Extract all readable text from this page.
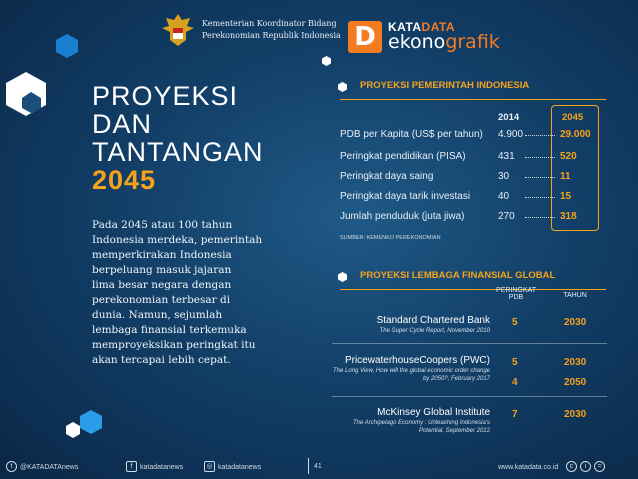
Kementerian Koordinator Bidang
Perekonomian Republik Indonesia D	KATADATA
ekonografik
PROYEKSI
DAN
TANTANGAN
2045
Pada 2045 atau 100 tahun
Indonesia merdeka, pemerintah
memperkirakan Indonesia
berpeluang masuk jajaran
lima besar negara dengan
perekonomian terbesar di
dunia. Namun, sejumlah
lembaga finansial terkemuka
memproyeksikan peringkat itu
akan tercapai lebih cepat.
PROYEKSI PEMERINTAH INDONESIA
2014	2045
PDB per Kapita (US$ per tahun) 4.900	29.000
Peringkat pendidikan (PISA)	431	520
Peringkat daya saing	30	11
Peringkat daya tarik investasi	40	15
Jumlah penduduk (juta jiwa)	270	318
SUMBER: KEMENKO PEREKONOMIAN
PROYEKSI LEMBAGA FINANSIAL GLOBAL
PERINGKAT
PDB	TAHUN
Standard Chartered Bank
The Super Cycle Report, November 2010
5	2030
PricewaterhouseCoopers (PWC)
The Long View, How will the global economic order change
by 2050?, February 2017
5	2030
4	2050
McKinsey Global Institute
The Archipelago Economy : Unleashing Indonesia's
Potential, September 2012
7	2030
t	@KATADATAnews	f	katadatanews	◎ katadatanews	41	www.katadata.co.id	c	i	=
